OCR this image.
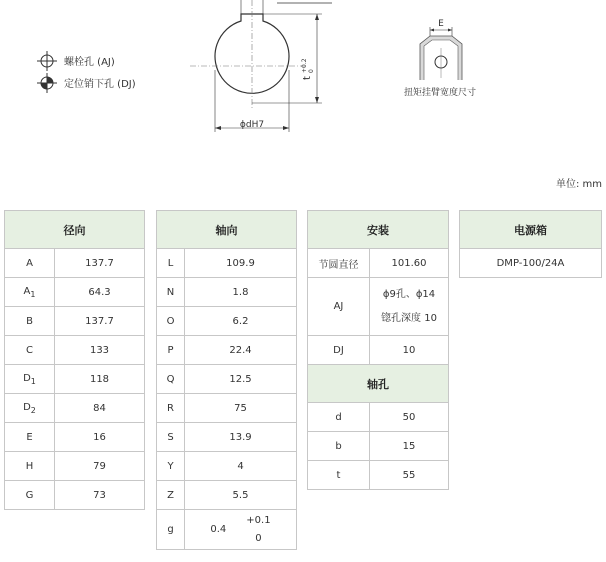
螺栓孔 (AJ)
定位销下孔 (DJ)
ϕdH7
t
+0.2 0
E
扭矩挂臂宽度尺寸
单位: mm
径向	
A	137.7
$A_1$	64.3
B	137.7
C	133
$D_1$	118
$D_2$	84
E	16
H	79
G	73
轴向	
L	109.9
N	1.8
O	6.2
P	22.4
Q	12.5
R	75
S	13.9
Y	4
Z	5.5
g	0.4
+0.1
0
安装	
节圆直径	101.60
AJ	ϕ9孔、ϕ14
锪孔深度 10

DJ	10
轴孔	
d	50
b	15
t	55
电源箱
DMP-100/24A
